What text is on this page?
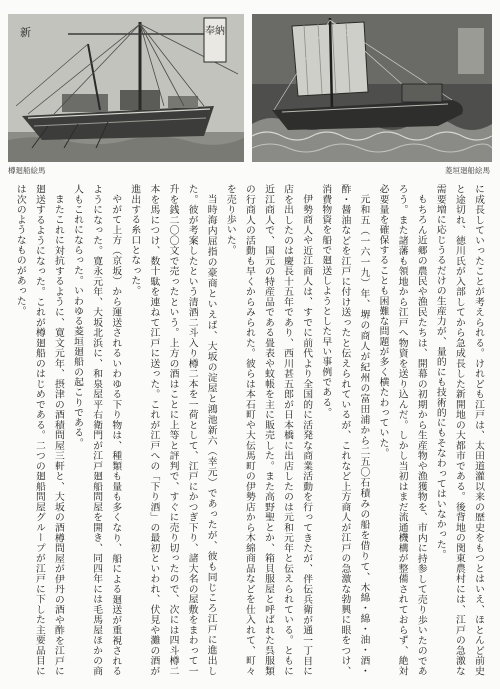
奉納
新
樽廻船絵馬	菱垣廻船絵馬

に成長していったことが考えられる。けれども江戸は、太田道灌以来の歴史をもつとはいえ、ほとんど前史と途切れ、徳川氏が入部してから急成長した新開地の大都市である。後背地の関東農村には、江戸の急激な需要増に応じうるだけの生産力が、量的にも技術的にもそなわってはいなかった。

もちろん近郷の農民や漁民たちは、開幕の初期から生産物や漁獲物を、市内に持参して売り歩いたのであろう。また諸藩も領地から江戸へ物資を送り込んだ。しかし当初はまだ流通機構が整備されておらず、絶対必要量を確保することも困難な問題が多く横たわっていた。

元和五（一六一九）年、堺の商人が紀州の富田浦から二五〇石積みの船を借りて、木綿・綿・油・酒・酢・醤油などを江戸に付け送ったと伝えられているが、これなど上方商人が江戸の急激な勃興に眼をつけ、消費物資を船で廻送しようとした早い事例である。

伊勢商人や近江商人は、すでに前代より全国的に活発な商業活動を行ってきたが、伴伝兵衛が通一丁目に店を出したのは慶長十五年であり、西川甚五郎が日本橋に出店したのは元和元年と伝えられている。ともに近江商人で、国元の特産品である畳表や蚊帳を主に販売した。また高野聖とか、箱貝服屋と呼ばれた呉服類の行商人の活動も早くからみられた。彼らは本石町や大伝馬町の伊勢店から木綿商品などを仕入れて、町々を売り歩いた。

当時海内屈指の豪商といえば、大坂の淀屋と鴻池新六（幸元）であったが、彼も同じころ江戸に進出した。彼が考案したという清酒二斗入り樽二本を一荷として、江戸にかつぎ下り、諸大名の屋敷をまわって一升を銭二〇〇文で売ったという。上方の酒はことに上等と評判で、すぐに売り切ったので、次には四斗樽二本を馬につけ、数十駄を連ねて江戸に送った。これが江戸への「下り酒」の最初といわれ、伏見や灘の酒が進出する糸口となった。

やがて上方（京坂）から運送されるいわゆる下り物は、種類も量も多くなり、船による廻送が重視されるようになった。寛永元年、大坂北浜に、和泉屋平右衛門が江戸廻船問屋を開き、同四年には毛馬屋ほかの商人もこれにならった。いわゆる菱垣廻船の起こりである。

またこれに対抗するように、寛文元年、摂津の酒積問屋三軒と、大坂の酒樽問屋が伊丹の酒や酢を江戸に廻送するようになった。これが樽廻船のはじめである。二つの廻船問屋グループが江戸に下した主要品目には次のようなものがあった。
